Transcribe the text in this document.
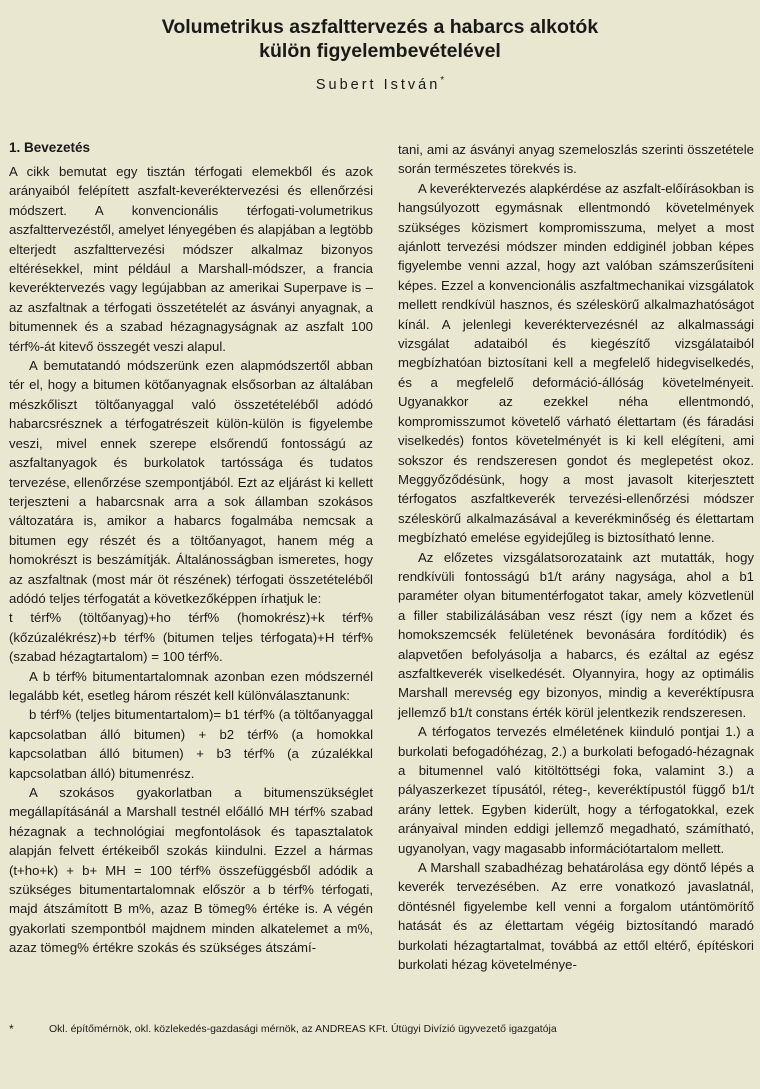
Volumetrikus aszfalttervezés a habarcs alkotók
külön figyelembevételével
Subert István*
1. Bevezetés

A cikk bemutat egy tisztán térfogati elemekből és azok arányaiból felépített aszfalt-keveréktervezési és ellenőrzési módszert. A konvencionális térfogati-volumetrikus aszfalttervezéstől, amelyet lényegében és alapjában a legtöbb elterjedt aszfalttervezési módszer alkalmaz bizonyos eltérésekkel, mint például a Marshall-módszer, a francia keveréktervezés vagy legújabban az amerikai Superpave is – az aszfaltnak a térfogati összetételét az ásványi anyagnak, a bitumennek és a szabad hézagnagyságnak az aszfalt 100 térf%-át kitevő összegét veszi alapul.

A bemutatandó módszerünk ezen alapmódszertől abban tér el, hogy a bitumen kötőanyagnak elsősorban az általában mészkőliszt töltőanyaggal való összetételéből adódó habarcsrésznek a térfogatrészeit külön-külön is figyelembe veszi, mivel ennek szerepe elsőrendű fontosságú az aszfaltanyagok és burkolatok tartóssága és tudatos tervezése, ellenőrzése szempontjából. Ezt az eljárást ki kellett terjeszteni a habarcsnak arra a sok államban szokásos változatára is, amikor a habarcs fogalmába nemcsak a bitumen egy részét és a töltőanyagot, hanem még a homokrészt is beszámítják. Általánosságban ismeretes, hogy az aszfaltnak (most már öt részének) térfogati összetételéből adódó teljes térfogatát a következőképpen írhatjuk le:

t térf% (töltőanyag)+ho térf% (homokrész)+k térf% (kőzúzalékrész)+b térf% (bitumen teljes térfogata)+H térf% (szabad hézagtartalom) = 100 térf%.

A b térf% bitumentartalomnak azonban ezen módszernél legalább két, esetleg három részét kell különválasztanunk:

b térf% (teljes bitumentartalom)= b1 térf% (a töltőanyaggal kapcsolatban álló bitumen) + b2 térf% (a homokkal kapcsolatban álló bitumen) + b3 térf% (a zúzalékkal kapcsolatban álló) bitumenrész.

A szokásos gyakorlatban a bitumenszükséglet megállapításánál a Marshall testnél előálló MH térf% szabad hézagnak a technológiai megfontolások és tapasztalatok alapján felvett értékeiből szokás kiindulni. Ezzel a hármas (t+ho+k) + b+ MH = 100 térf% összefüggésből adódik a szükséges bitumentartalomnak először a b térf% térfogati, majd átszámított B m%, azaz B tömeg% értéke is. A végén gyakorlati szempontból majdnem minden alkatelemet a m%, azaz tömeg% értékre szokás és szükséges átszámí-

tani, ami az ásványi anyag szemeloszlás szerinti összetétele során természetes törekvés is.

A keveréktervezés alapkérdése az aszfalt-előírásokban is hangsúlyozott egymásnak ellentmondó követelmények szükséges közismert kompromisszuma, melyet a most ajánlott tervezési módszer minden eddiginél jobban képes figyelembe venni azzal, hogy azt valóban számszerűsíteni képes. Ezzel a konvencionális aszfaltmechanikai vizsgálatok mellett rendkívül hasznos, és széleskörű alkalmazhatóságot kínál. A jelenlegi keveréktervezésnél az alkalmassági vizsgálat adataiból és kiegészítő vizsgálataiból megbízhatóan biztosítani kell a megfelelő hidegviselkedés, és a megfelelő deformáció-állóság követelményeit. Ugyanakkor az ezekkel néha ellentmondó, kompromisszumot követelő várható élettartam (és fáradási viselkedés) fontos követelményét is ki kell elégíteni, ami sokszor és rendszeresen gondot és meglepetést okoz. Meggyőződésünk, hogy a most javasolt kiterjesztett térfogatos aszfaltkeverék tervezési-ellenőrzési módszer széleskörű alkalmazásával a keverékminőség és élettartam megbízható emelése egyidejűleg is biztosítható lenne.

Az előzetes vizsgálatsorozataink azt mutatták, hogy rendkívüli fontosságú b1/t arány nagysága, ahol a b1 paraméter olyan bitumentérfogatot takar, amely közvetlenül a filler stabilizálásában vesz részt (így nem a kőzet és homokszemcsék felületének bevonására fordítódik) és alapvetően befolyásolja a habarcs, és ezáltal az egész aszfaltkeverék viselkedését. Olyannyira, hogy az optimális Marshall merevség egy bizonyos, mindig a keveréktípusra jellemző b1/t constans érték körül jelentkezik rendszeresen.

A térfogatos tervezés elméletének kiinduló pontjai 1.) a burkolati befogadóhézag, 2.) a burkolati befogadó-hézagnak a bitumennel való kitöltöttségi foka, valamint 3.) a pályaszerkezet típusától, réteg-, keveréktípustól függő b1/t arány lettek. Egyben kiderült, hogy a térfogatokkal, ezek arányaival minden eddigi jellemző megadható, számítható, ugyanolyan, vagy magasabb információtartalom mellett.

A Marshall szabadhézag behatárolása egy döntő lépés a keverék tervezésében. Az erre vonatkozó javaslatnál, döntésnél figyelembe kell venni a forgalom utántömörítő hatását és az élettartam végéig biztosítandó maradó burkolati hézagtartalmat, továbbá az ettől eltérő, építéskori burkolati hézag követelménye-

*	Okl. építőmérnök, okl. közlekedés-gazdasági mérnök, az ANDREAS KFt. Útügyi Divízió ügyvezető igazgatója
